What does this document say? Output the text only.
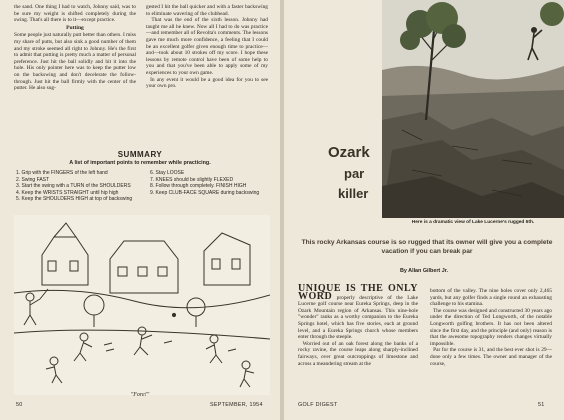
the sand. One thing I had to watch, Johnny said, was to be sure my weight is shifted completely during the swing. That's all there is to it—except practice.
Putting
Some people just naturally putt better than others. I miss my share of putts, but also sink a good number of them and my stroke seemed all right to Johnny. He's the first to admit that putting is pretty much a matter of personal preference. Just hit the ball solidly and hit it into the hole. His only pointer here was to keep the putter low on the backswing and don't decelerate the follow-through. Just hit the ball firmly with the center of the putter. He also sug-
gested I hit the ball quicker and with a faster backswing to eliminate wavering of the clubhead.
That was the end of the sixth lesson. Johnny had taught me all he knew. Now all I had to do was practice—and remember all of Revolta's comments. The lessons gave me much more confidence, a feeling that I could be an excellent golfer given enough time to practice—and—took about 10 strokes off my score. I hope these lessons by remote control have been of some help to you and that you've been able to apply some of my experiences to your own game.
In any event it would be a good idea for you to see your own pro.
SUMMARY
A list of important points to remember while practicing.
1. Grip with the FINGERS of the left hand
2. Swing FAST
3. Start the swing with a TURN of the SHOULDERS
4. Keep the WRISTS STRAIGHT until hip high
5. Keep the SHOULDERS HIGH at top of backswing
6. Stay LOOSE
7. KNEES should be slightly FLEXED
8. Follow through completely. FINISH HIGH
9. Keep CLUB-FACE SQUARE during backswing
"Fore!"
50	SEPTEMBER, 1954
Ozark
par
killer
Here is a dramatic view of Lake Lucerne's rugged 5th.
This rocky Arkansas course is so rugged that its owner will give you a complete vacation if you can break par
By Allan Gilbert Jr.
UNIQUE IS THE ONLY WORD properly descriptive of the Lake Lucerne golf course near Eureka Springs, deep in the Ozark Mountain region of Arkansas. This nine-hole "wonder" ranks as a worthy companion to the Eureka Springs hotel, which has five stories, each at ground level, and a Eureka Springs church whose members enter through the steeple.
Worried out of an oak forest along the banks of a rocky ravine, the course leaps along sharply-inclined fairways, over great outcroppings of limestone and across a meandering stream at the
bottom of the valley. The nine holes cover only 2,465 yards, but any golfer finds a single round an exhausting challenge to his stamina.
The course was designed and constructed 30 years ago under the direction of Ted Longworth, of the notable Longworth golfing brothers. It has not been altered since the first day, and the principle (and only) reason is that the awesome topography renders changes virtually impossible.
Par for the course is 31, and the best ever shot is 29—done only a few times. The owner and manager of the course,
GOLF DIGEST	51
